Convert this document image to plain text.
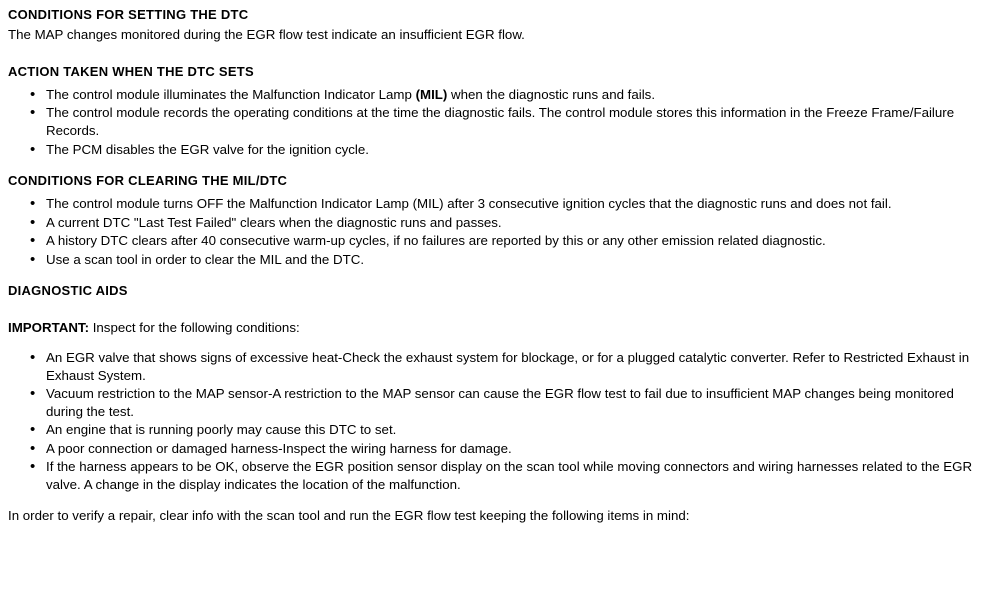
CONDITIONS FOR SETTING THE DTC

The MAP changes monitored during the EGR flow test indicate an insufficient EGR flow.

ACTION TAKEN WHEN THE DTC SETS
• The control module illuminates the Malfunction Indicator Lamp (MIL) when the diagnostic runs and fails.
• The control module records the operating conditions at the time the diagnostic fails. The control module stores this information in the Freeze Frame/Failure Records.
• The PCM disables the EGR valve for the ignition cycle.
CONDITIONS FOR CLEARING THE MIL/DTC
• The control module turns OFF the Malfunction Indicator Lamp (MIL) after 3 consecutive ignition cycles that the diagnostic runs and does not fail.
• A current DTC "Last Test Failed" clears when the diagnostic runs and passes.
• A history DTC clears after 40 consecutive warm-up cycles, if no failures are reported by this or any other emission related diagnostic.
• Use a scan tool in order to clear the MIL and the DTC.
DIAGNOSTIC AIDS

IMPORTANT: Inspect for the following conditions:

• An EGR valve that shows signs of excessive heat-Check the exhaust system for blockage, or for a plugged catalytic converter. Refer to Restricted Exhaust in Exhaust System.
• Vacuum restriction to the MAP sensor-A restriction to the MAP sensor can cause the EGR flow test to fail due to insufficient MAP changes being monitored during the test.
• An engine that is running poorly may cause this DTC to set.
• A poor connection or damaged harness-Inspect the wiring harness for damage.
• If the harness appears to be OK, observe the EGR position sensor display on the scan tool while moving connectors and wiring harnesses related to the EGR valve. A change in the display indicates the location of the malfunction.

In order to verify a repair, clear info with the scan tool and run the EGR flow test keeping the following items in mind:
